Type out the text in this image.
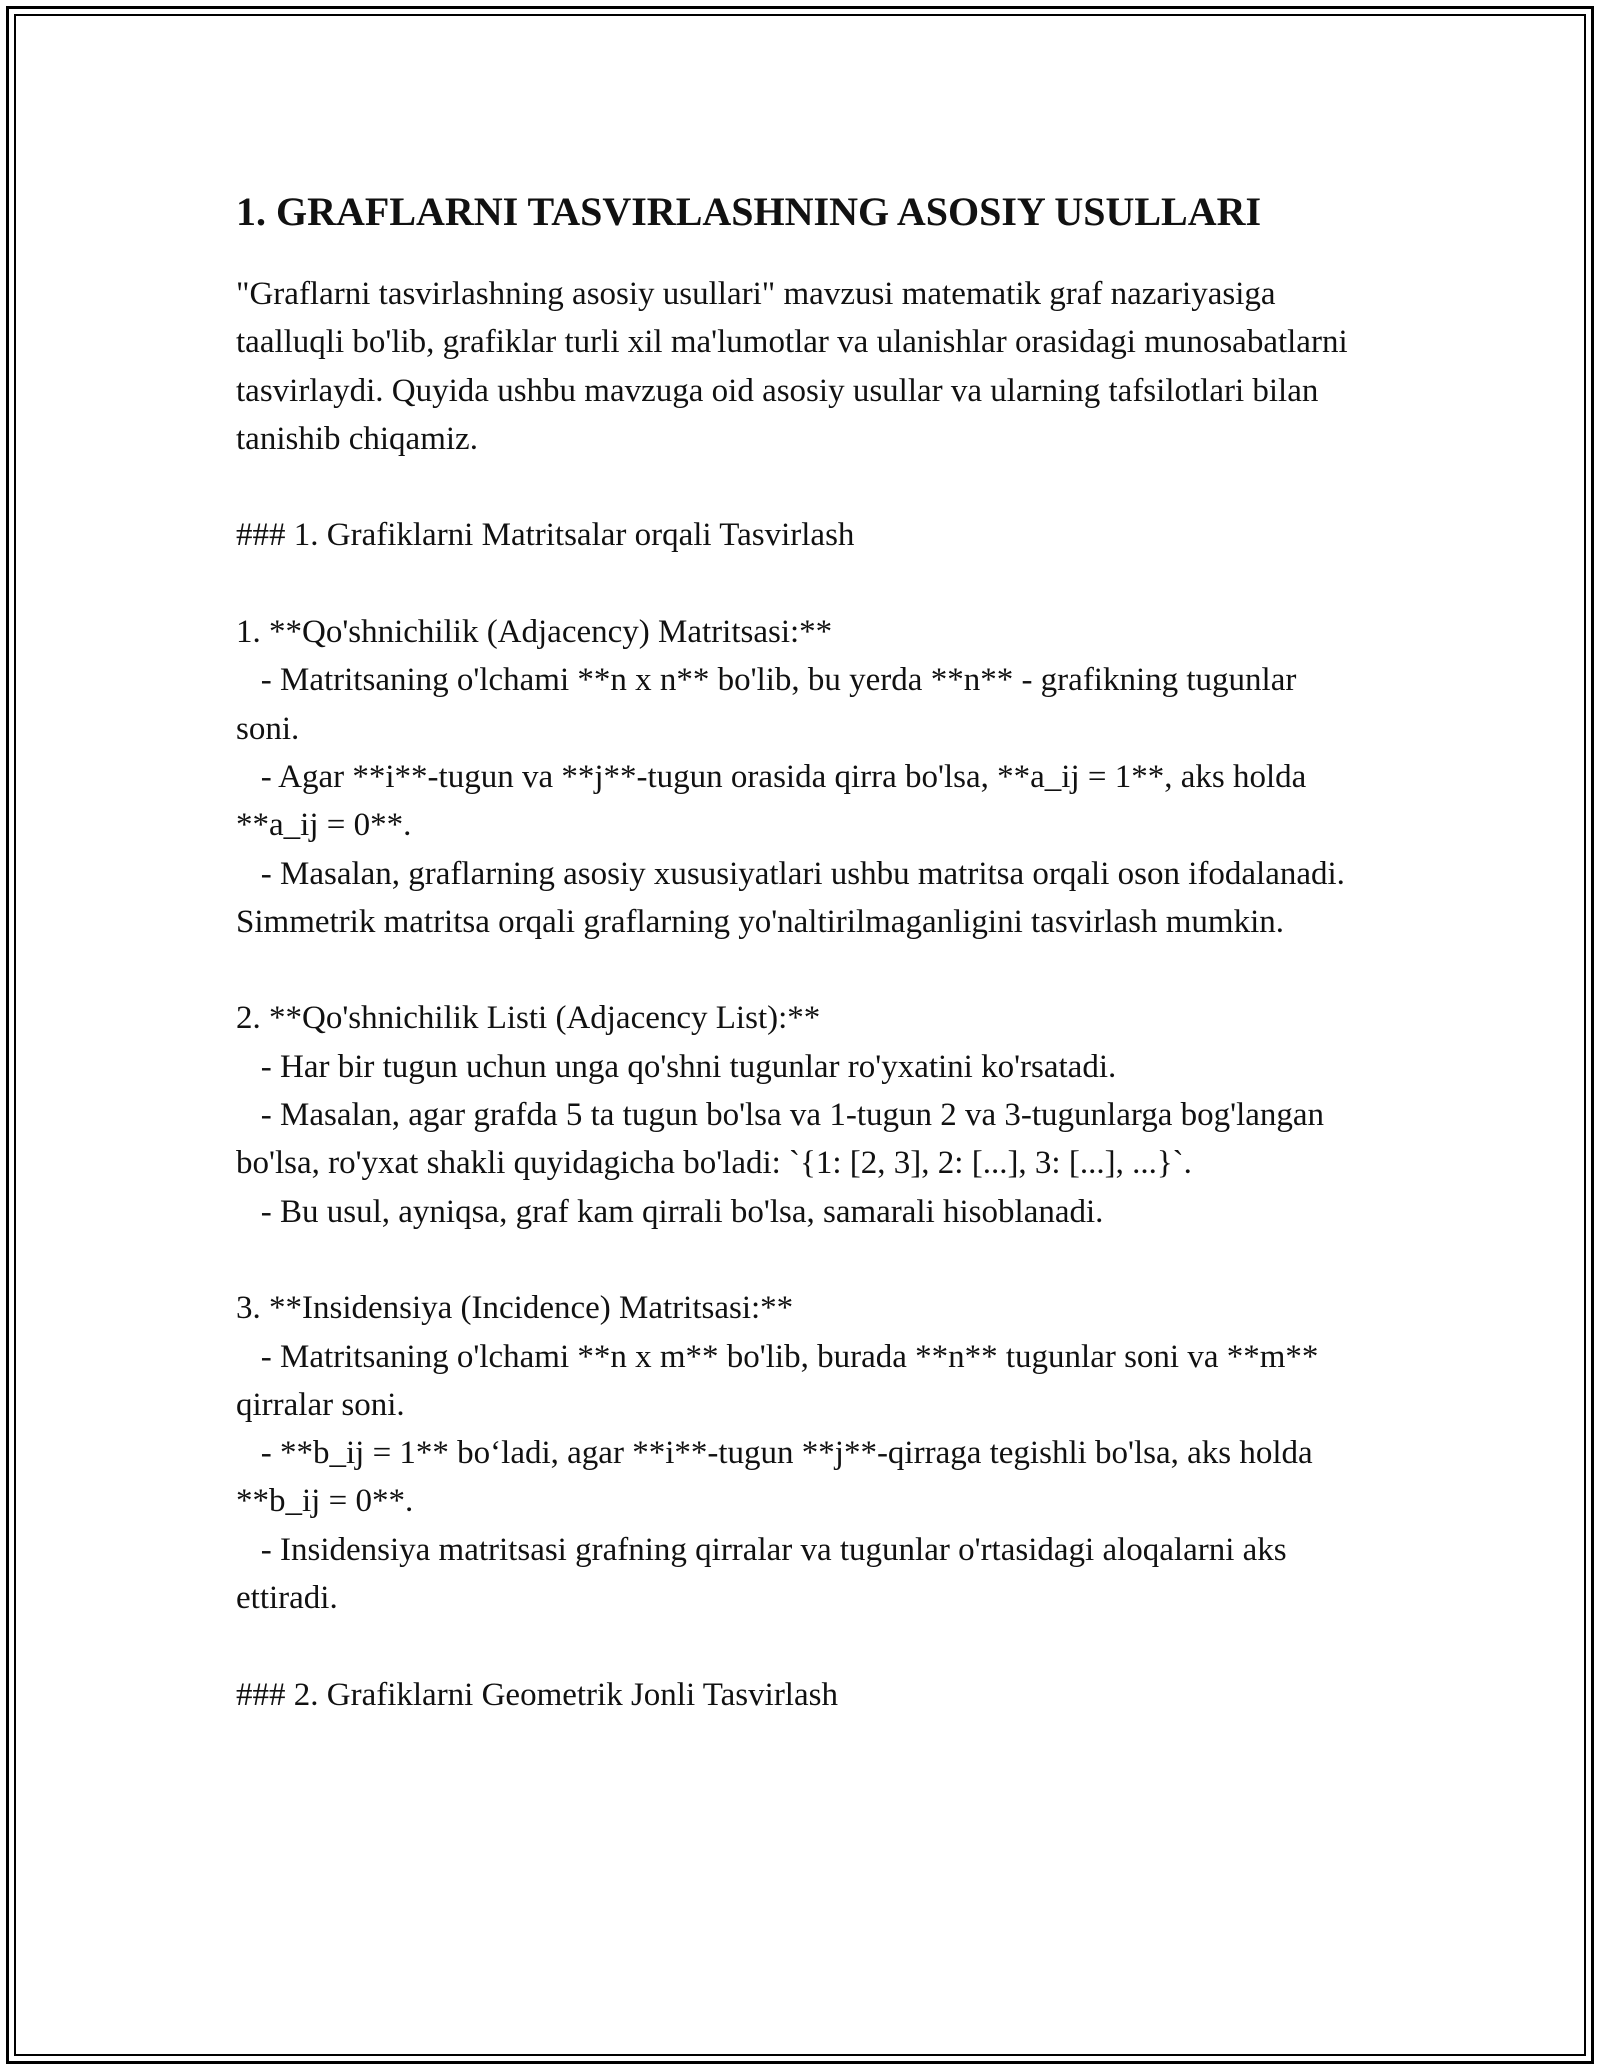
1. GRAFLARNI TASVIRLASHNING ASOSIY USULLARI

"Graflarni tasvirlashning asosiy usullari" mavzusi matematik graf nazariyasiga taalluqli bo'lib, grafiklar turli xil ma'lumotlar va ulanishlar orasidagi munosabatlarni tasvirlaydi. Quyida ushbu mavzuga oid asosiy usullar va ularning tafsilotlari bilan tanishib chiqamiz.

### 1. Grafiklarni Matritsalar orqali Tasvirlash

1. **Qo'shnichilik (Adjacency) Matritsasi:**

- Matritsaning o'lchami **n x n** bo'lib, bu yerda **n** - grafikning tugunlar soni.

- Agar **i**-tugun va **j**-tugun orasida qirra bo'lsa, **a_ij = 1**, aks holda **a_ij = 0**.

- Masalan, graflarning asosiy xususiyatlari ushbu matritsa orqali oson ifodalanadi. Simmetrik matritsa orqali graflarning yo'naltirilmaganligini tasvirlash mumkin.

2. **Qo'shnichilik Listi (Adjacency List):**

- Har bir tugun uchun unga qo'shni tugunlar ro'yxatini ko'rsatadi.

- Masalan, agar grafda 5 ta tugun bo'lsa va 1-tugun 2 va 3-tugunlarga bog'langan bo'lsa, ro'yxat shakli quyidagicha bo'ladi: `{1: [2, 3], 2: [...], 3: [...], ...}`.

- Bu usul, ayniqsa, graf kam qirrali bo'lsa, samarali hisoblanadi.

3. **Insidensiya (Incidence) Matritsasi:**

- Matritsaning o'lchami **n x m** bo'lib, burada **n** tugunlar soni va **m** qirralar soni.

- **b_ij = 1** bo‘ladi, agar **i**-tugun **j**-qirraga tegishli bo'lsa, aks holda **b_ij = 0**.

- Insidensiya matritsasi grafning qirralar va tugunlar o'rtasidagi aloqalarni aks ettiradi.

### 2. Grafiklarni Geometrik Jonli Tasvirlash
